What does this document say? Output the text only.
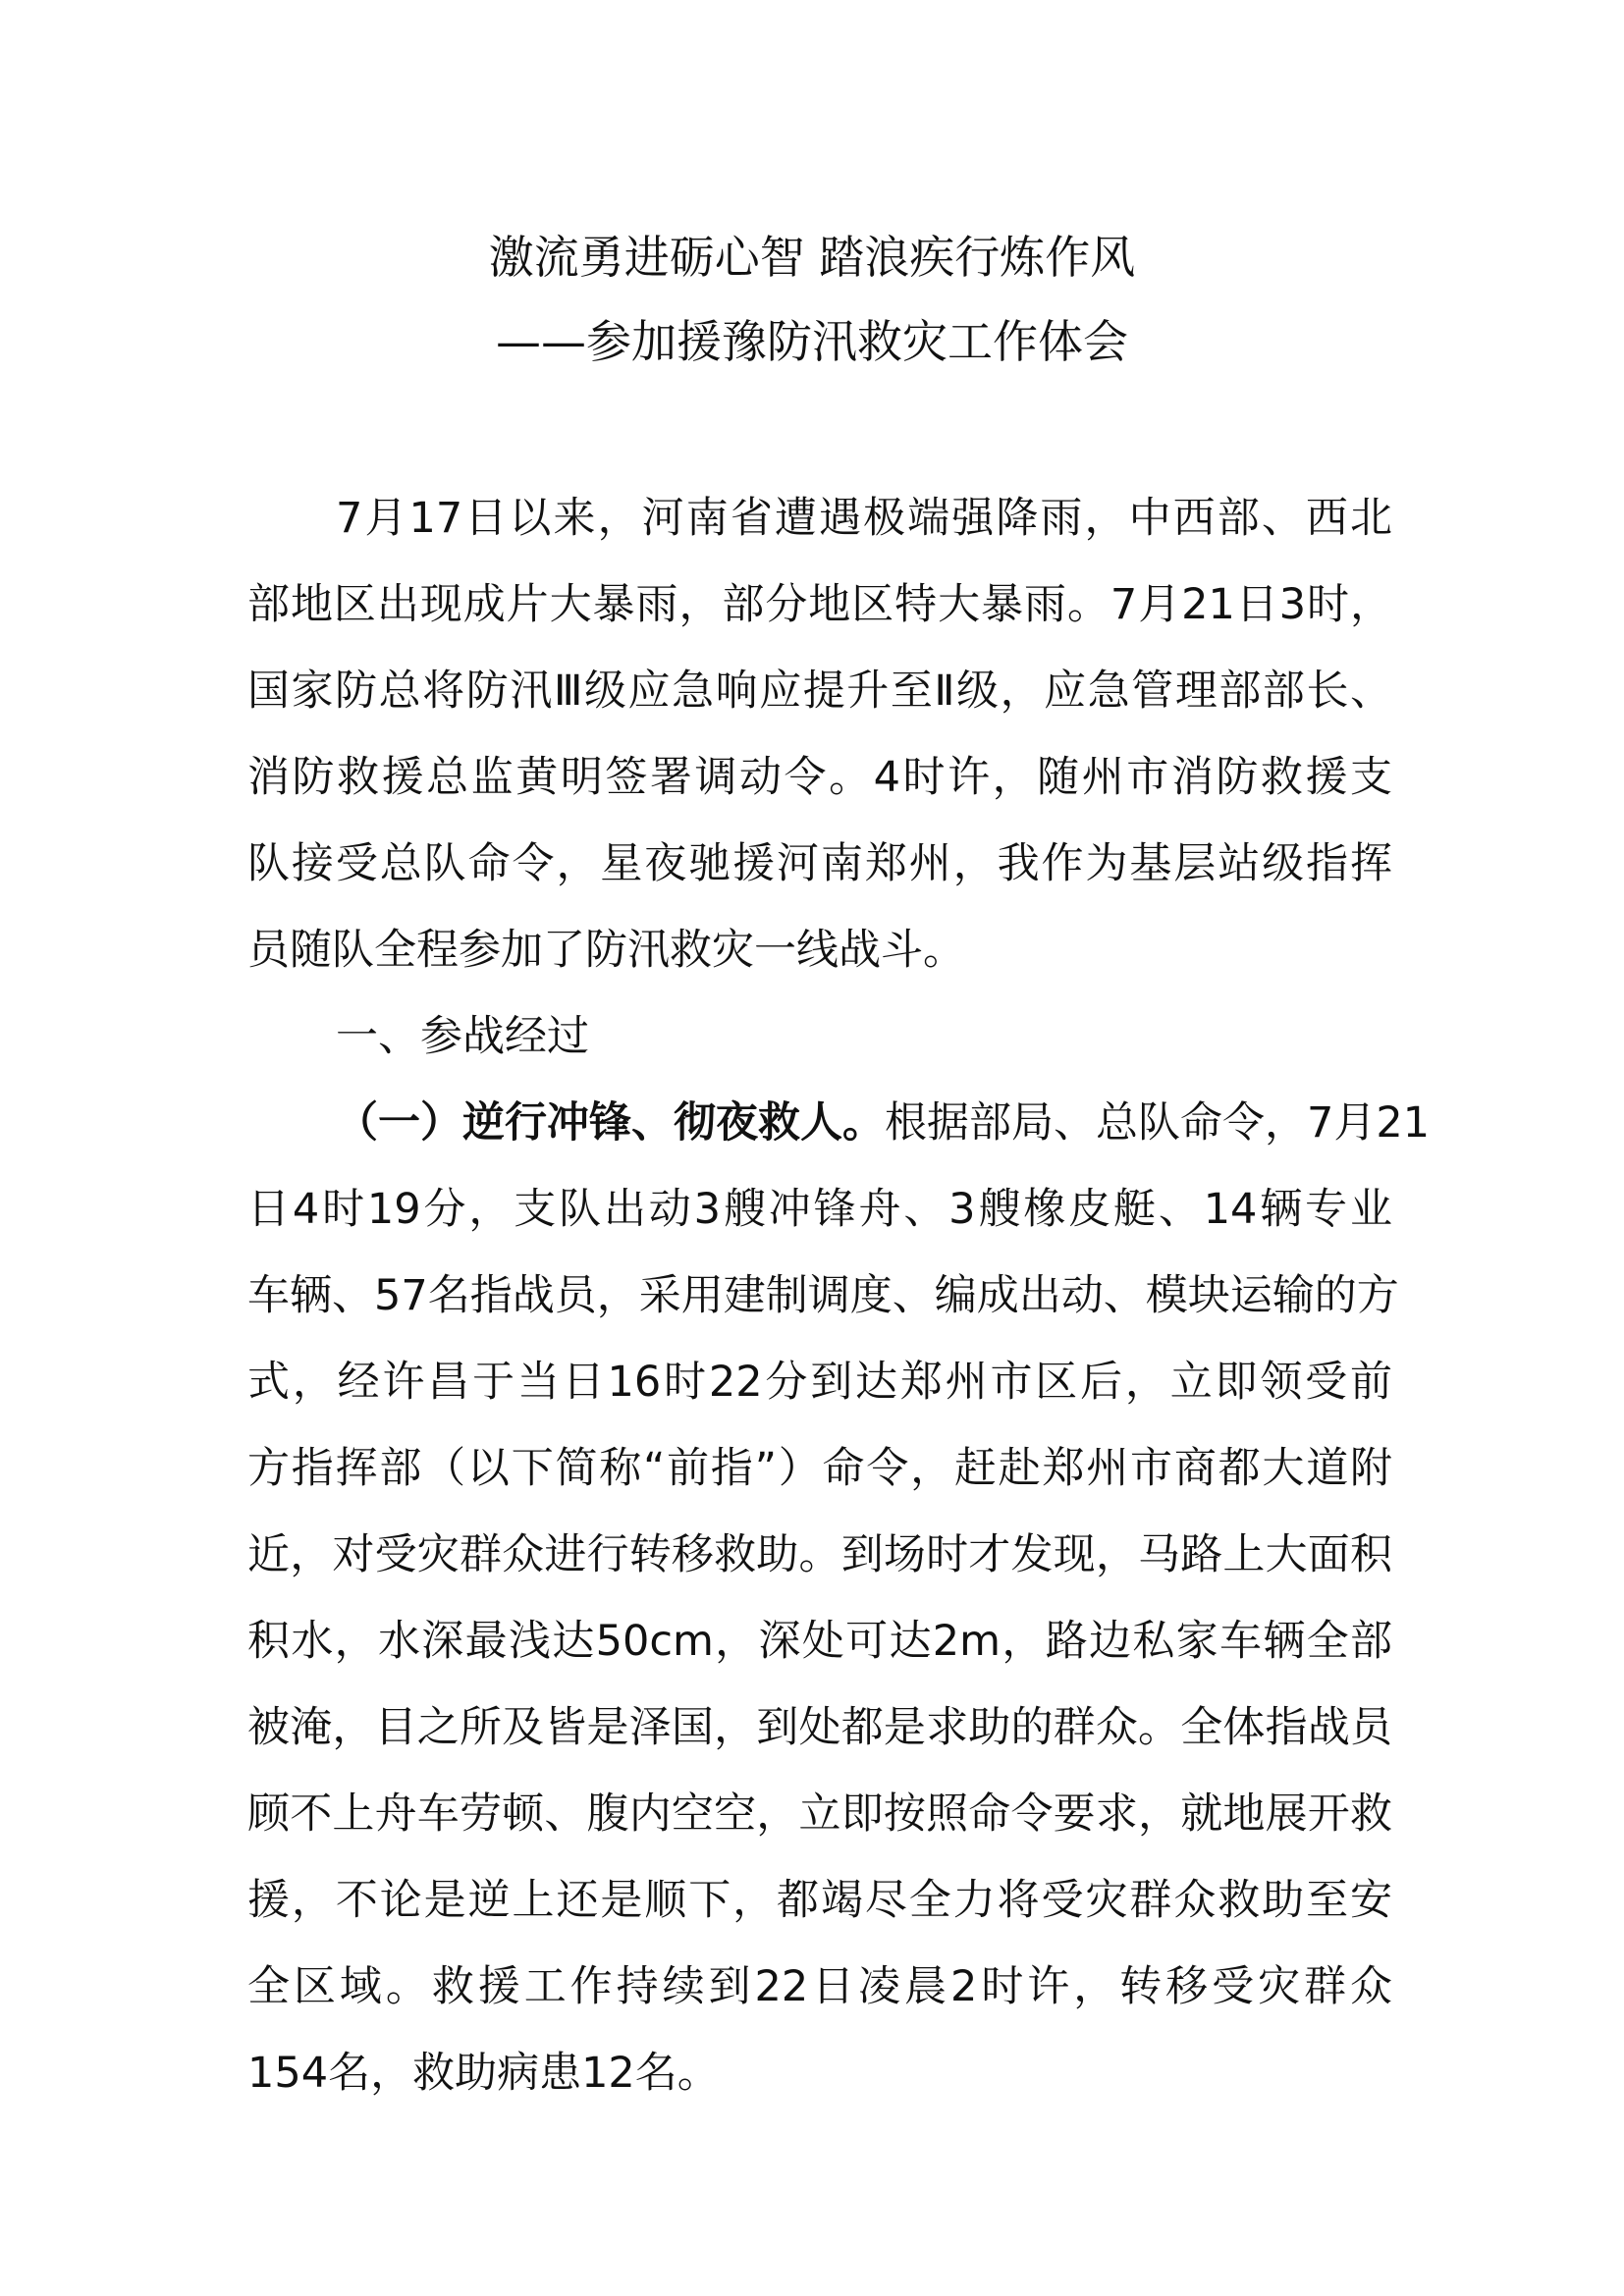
激流勇进砺心智 踏浪疾行炼作风
——参加援豫防汛救灾工作体会
7月17日以来，河南省遭遇极端强降雨，中西部、西北
部地区出现成片大暴雨，部分地区特大暴雨。7月21日3时，
国家防总将防汛Ⅲ级应急响应提升至Ⅱ级，应急管理部部长、
消防救援总监黄明签署调动令。4时许，随州市消防救援支
队接受总队命令，星夜驰援河南郑州，我作为基层站级指挥
员随队全程参加了防汛救灾一线战斗。
一、参战经过
（一）逆行冲锋、彻夜救人。根据部局、总队命令，7月21
日4时19分，支队出动3艘冲锋舟、3艘橡皮艇、14辆专业
车辆、57名指战员，采用建制调度、编成出动、模块运输的方
式，经许昌于当日16时22分到达郑州市区后，立即领受前
方指挥部（以下简称“前指”）命令，赶赴郑州市商都大道附
近，对受灾群众进行转移救助。到场时才发现，马路上大面积
积水，水深最浅达50cm，深处可达2m，路边私家车辆全部
被淹，目之所及皆是泽国，到处都是求助的群众。全体指战员
顾不上舟车劳顿、腹内空空，立即按照命令要求，就地展开救
援，不论是逆上还是顺下，都竭尽全力将受灾群众救助至安
全区域。救援工作持续到22日凌晨2时许，转移受灾群众
154名，救助病患12名。
